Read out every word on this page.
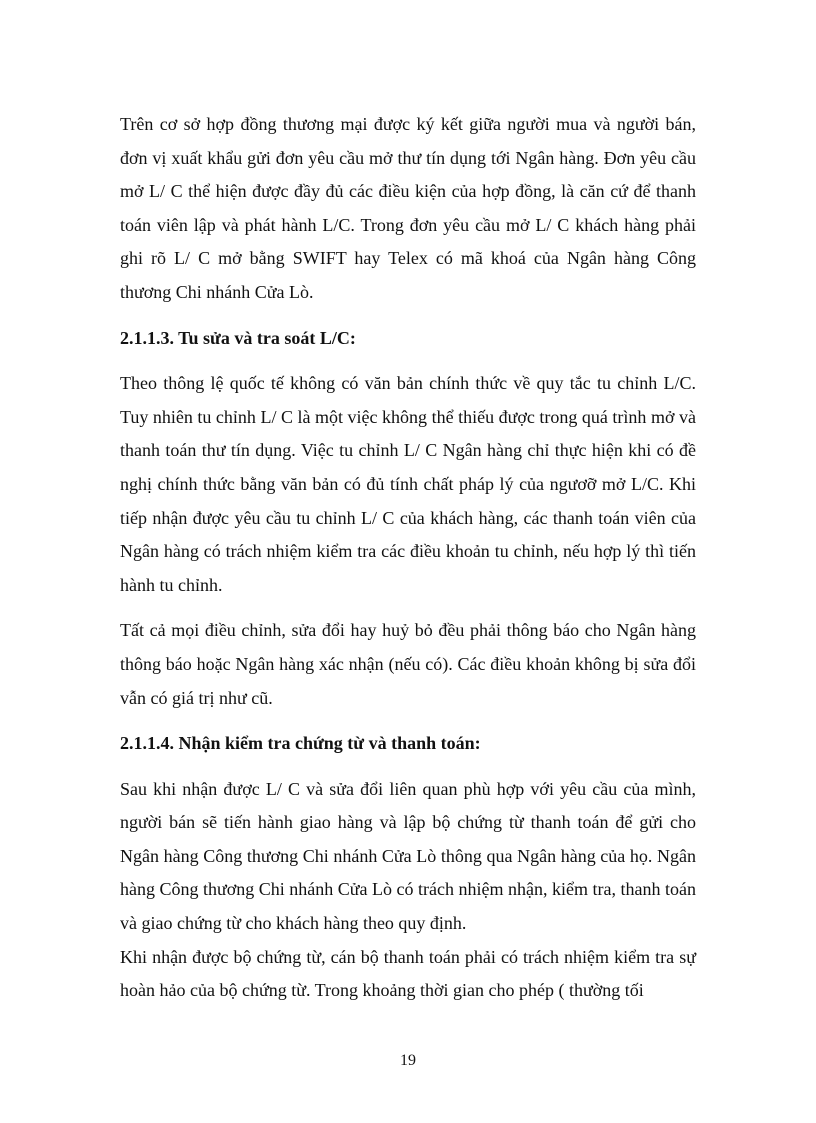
Trên cơ sở hợp đồng thương mại được ký kết giữa người mua và người bán, đơn vị xuất khẩu gửi đơn yêu cầu mở thư tín dụng tới Ngân hàng. Đơn yêu cầu mở L/ C thể hiện được đầy đủ các điều kiện của hợp đồng, là căn cứ để thanh toán viên lập và phát hành L/C. Trong đơn yêu cầu mở L/ C khách hàng phải ghi rõ L/ C mở bằng SWIFT hay Telex có mã khoá của Ngân hàng Công thương Chi nhánh Cửa Lò.

2.1.1.3. Tu sửa và tra soát L/C:

Theo thông lệ quốc tế không có văn bản chính thức về quy tắc tu chỉnh L/C. Tuy nhiên tu chỉnh L/ C là một việc không thể thiếu được trong quá trình mở và thanh toán thư tín dụng. Việc tu chỉnh L/ C Ngân hàng chỉ thực hiện khi có đề nghị chính thức bằng văn bản có đủ tính chất pháp lý của ngươỡ mở L/C. Khi tiếp nhận được yêu cầu tu chỉnh L/ C của khách hàng, các thanh toán viên của Ngân hàng có trách nhiệm kiểm tra các điều khoản tu chỉnh, nếu hợp lý thì tiến hành tu chỉnh.

Tất cả mọi điều chỉnh, sửa đổi hay huỷ bỏ đều phải thông báo cho Ngân hàng thông báo hoặc Ngân hàng xác nhận (nếu có). Các điều khoản không bị sửa đổi vẫn có giá trị như cũ.

2.1.1.4. Nhận kiểm tra chứng từ và thanh toán:

Sau khi nhận được L/ C và sửa đổi liên quan phù hợp với yêu cầu của mình, người bán sẽ tiến hành giao hàng và lập bộ chứng từ thanh toán để gửi cho Ngân hàng Công thương Chi nhánh Cửa Lò thông qua Ngân hàng của họ. Ngân hàng Công thương Chi nhánh Cửa Lò có trách nhiệm nhận, kiểm tra, thanh toán và giao chứng từ cho khách hàng theo quy định.

Khi nhận được bộ chứng từ, cán bộ thanh toán phải có trách nhiệm kiểm tra sự hoàn hảo của bộ chứng từ. Trong khoảng thời gian cho phép ( thường tối

19
